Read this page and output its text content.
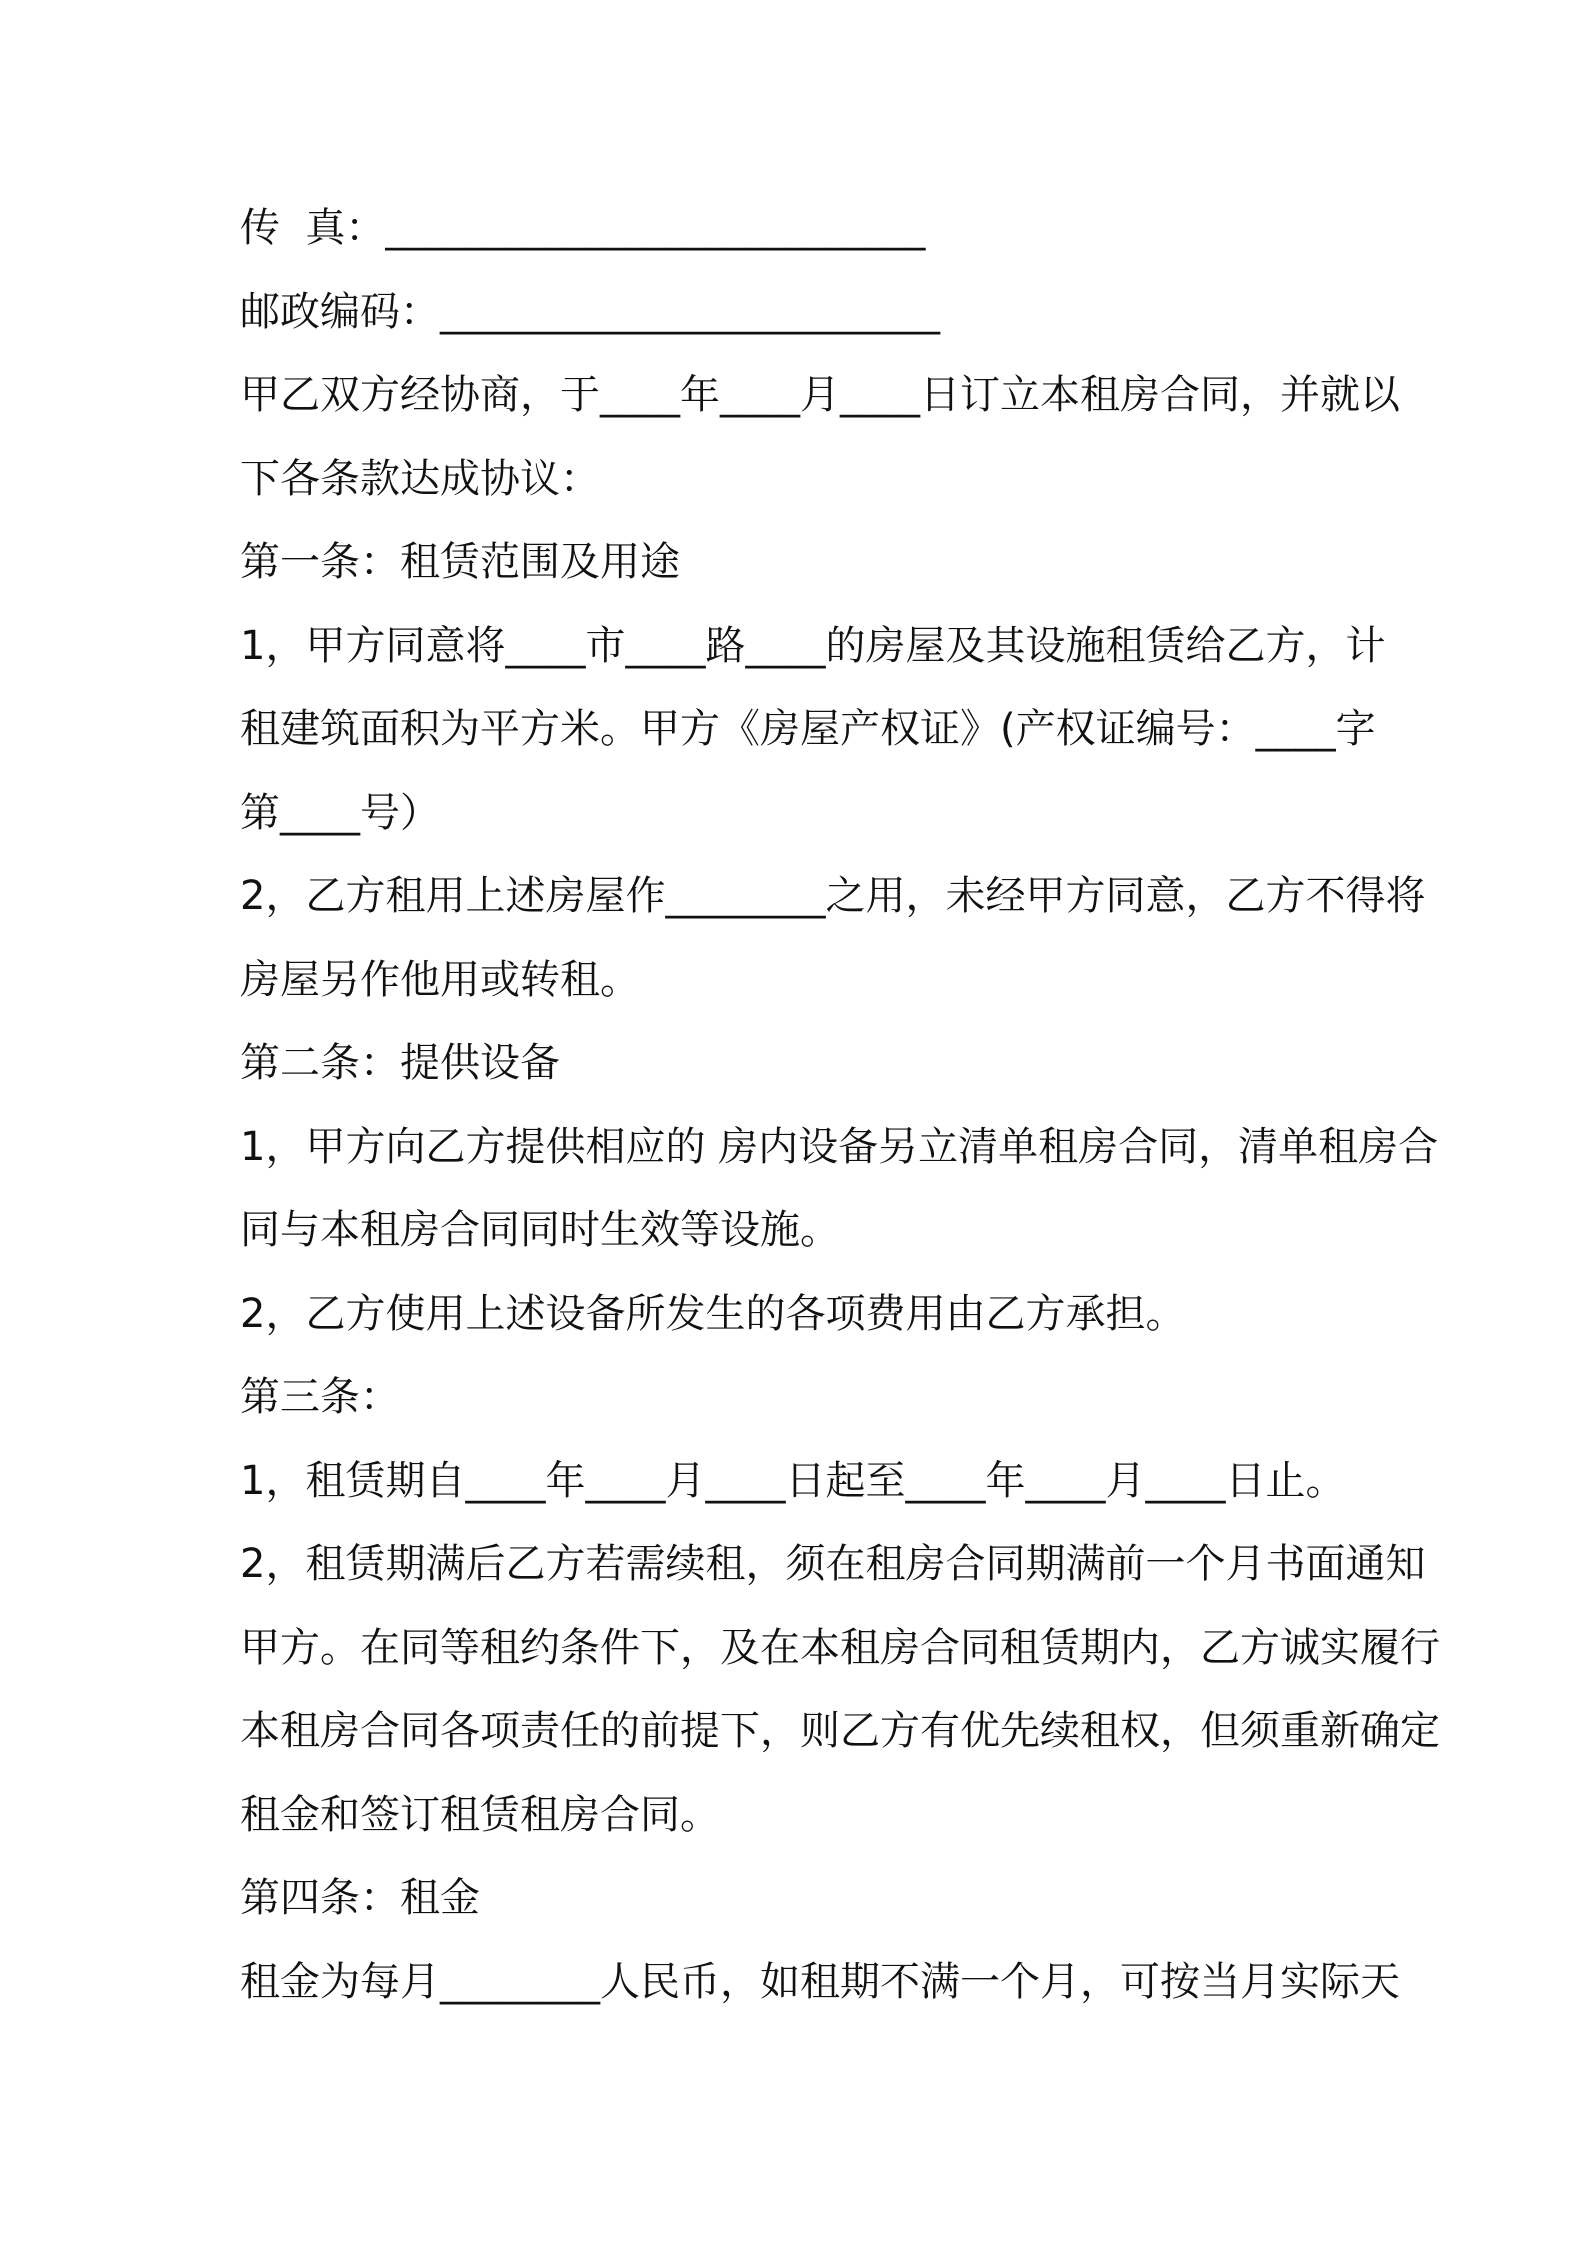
传  真：___________________________
邮政编码：_________________________
甲乙双方经协商，于____年____月____日订立本租房合同，并就以
下各条款达成协议：
第一条：租赁范围及用途
1，甲方同意将____市____路____的房屋及其设施租赁给乙方，计
租建筑面积为平方米。甲方《房屋产权证》(产权证编号：____字
第____号）
2，乙方租用上述房屋作________之用，未经甲方同意，乙方不得将
房屋另作他用或转租。
第二条：提供设备
1，甲方向乙方提供相应的 房内设备另立清单租房合同，清单租房合
同与本租房合同同时生效等设施。
2，乙方使用上述设备所发生的各项费用由乙方承担。
第三条：
1，租赁期自____年____月____日起至____年____月____日止。
2，租赁期满后乙方若需续租，须在租房合同期满前一个月书面通知
甲方。在同等租约条件下，及在本租房合同租赁期内，乙方诚实履行
本租房合同各项责任的前提下，则乙方有优先续租权，但须重新确定
租金和签订租赁租房合同。
第四条：租金
租金为每月________人民币，如租期不满一个月，可按当月实际天
